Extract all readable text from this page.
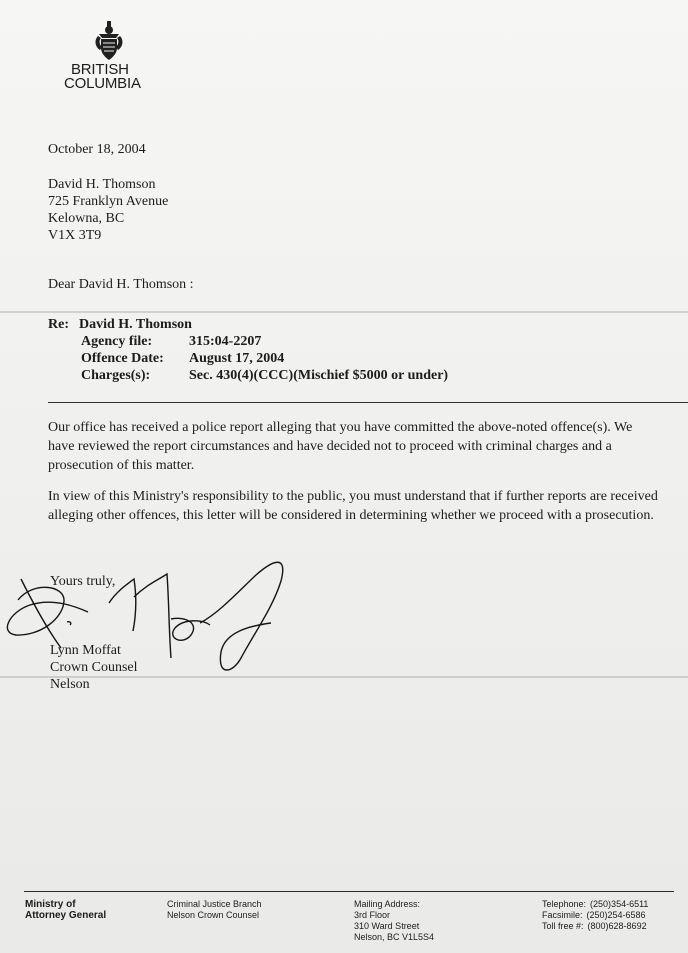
BRITISH
COLUMBIA
October 18, 2004
David H. Thomson
725 Franklyn Avenue
Kelowna, BC
V1X 3T9
Dear David H. Thomson :
Re: David H. Thomson
Agency file:	315:04-2207
Offence Date:	August 17, 2004
Charges(s):	Sec. 430(4)(CCC)(Mischief $5000 or under)
Our office has received a police report alleging that you have committed the above-noted offence(s). We have reviewed the report circumstances and have decided not to proceed with criminal charges and a prosecution of this matter.
In view of this Ministry's responsibility to the public, you must understand that if further reports are received alleging other offences, this letter will be considered in determining whether we proceed with a prosecution.
Yours truly,
Lynn Moffat
Crown Counsel
Nelson
Ministry of
Attorney General
Criminal Justice Branch
Nelson Crown Counsel
Mailing Address:
3rd Floor
310 Ward Street
Nelson, BC V1L5S4
Telephone: (250)354-6511
Facsimile: (250)254-6586
Toll free #: (800)628-8692
